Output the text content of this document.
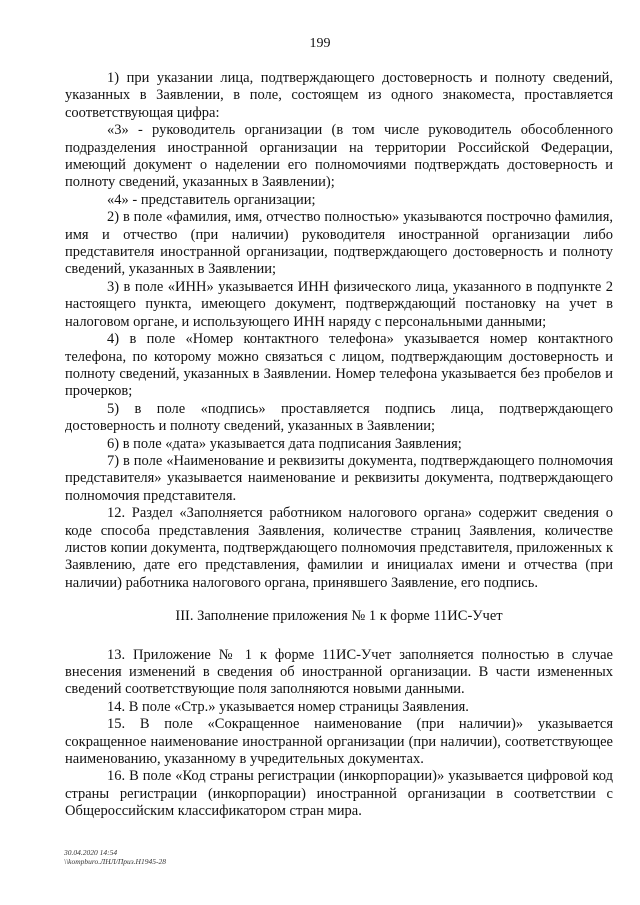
199

1) при указании лица, подтверждающего достоверность и полноту сведений, указанных в Заявлении, в поле, состоящем из одного знакоместа, проставляется соответствующая цифра:

«3» - руководитель организации (в том числе руководитель обособленного подразделения иностранной организации на территории Российской Федерации, имеющий документ о наделении его полномочиями подтверждать достоверность и полноту сведений, указанных в Заявлении);

«4» - представитель организации;

2) в поле «фамилия, имя, отчество полностью» указываются построчно фамилия, имя и отчество (при наличии) руководителя иностранной организации либо представителя иностранной организации, подтверждающего достоверность и полноту сведений, указанных в Заявлении;

3) в поле «ИНН» указывается ИНН физического лица, указанного в подпункте 2 настоящего пункта, имеющего документ, подтверждающий постановку на учет в налоговом органе, и использующего ИНН наряду с персональными данными;

4) в поле «Номер контактного телефона» указывается номер контактного телефона, по которому можно связаться с лицом, подтверждающим достоверность и полноту сведений, указанных в Заявлении. Номер телефона указывается без пробелов и прочерков;

5) в поле «подпись» проставляется подпись лица, подтверждающего достоверность и полноту сведений, указанных в Заявлении;

6) в поле «дата» указывается дата подписания Заявления;

7) в поле «Наименование и реквизиты документа, подтверждающего полномочия представителя» указывается наименование и реквизиты документа, подтверждающего полномочия представителя.

12. Раздел «Заполняется работником налогового органа» содержит сведения о коде способа представления Заявления, количестве страниц Заявления, количестве листов копии документа, подтверждающего полномочия представителя, приложенных к Заявлению, дате его представления, фамилии и инициалах имени и отчества (при наличии) работника налогового органа, принявшего Заявление, его подпись.

III. Заполнение приложения № 1 к форме 11ИС-Учет

13. Приложение № 1 к форме 11ИС-Учет заполняется полностью в случае внесения изменений в сведения об иностранной организации. В части измененных сведений соответствующие поля заполняются новыми данными.

14. В поле «Стр.» указывается номер страницы Заявления.

15. В поле «Сокращенное наименование (при наличии)» указывается сокращенное наименование иностранной организации (при наличии), соответствующее наименованию, указанному в учредительных документах.

16. В поле «Код страны регистрации (инкорпорации)» указывается цифровой код страны регистрации (инкорпорации) иностранной организации в соответствии с Общероссийским классификатором стран мира.

30.04.2020 14:54
\\kompburo.ЛНЛ/Приз.Н1945-28
